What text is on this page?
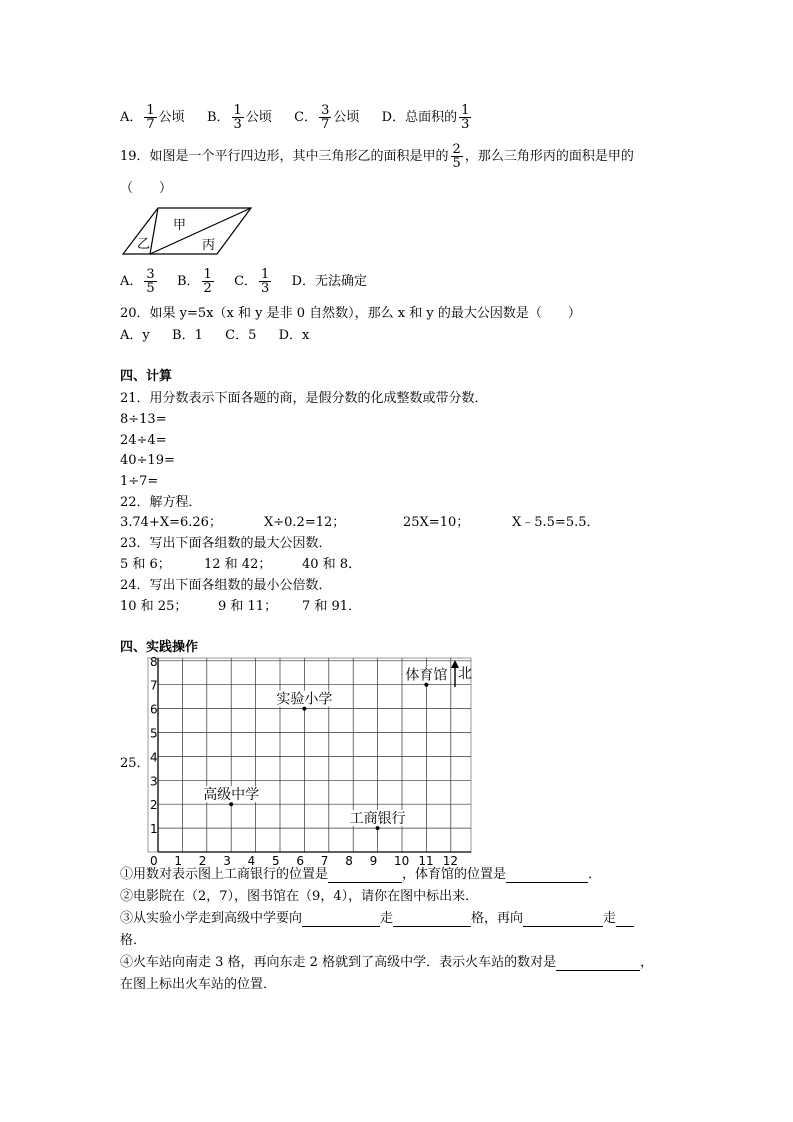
A． $\frac{1}{7}$ 公顷 B． $\frac{1}{3}$ 公顷 C． $\frac{3}{7}$ 公顷 D．总面积的 $\frac{1}{3}$
19．如图是一个平行四边形，其中三角形乙的面积是甲的 $\frac{2}{5}$ ，那么三角形丙的面积是甲的
（　　）
甲
乙	丙
A． $\frac{3}{5}$ B． $\frac{1}{2}$ C． $\frac{1}{3}$ D．无法确定
20．如果 y=5x（x 和 y 是非 0 自然数），那么 x 和 y 的最大公因数是（　　）
A．y B．1 C．5 D．x
四、计算
21．用分数表示下面各题的商，是假分数的化成整数或带分数．
8÷13=
24÷4=
40÷19=
1÷7=
22．解方程．
3.74+X=6.26；	X÷0.2=12；	25X=10；	X﹣5.5=5.5．
23．写出下面各组数的最大公因数．
5 和 6；	12 和 42； 40 和 8．
24．写出下面各组数的最小公倍数．
10 和 25； 9 和 11； 7 和 91．
四、实践操作
25．
0 1 2 3 4 5 6 7 8 9 10 11 12
1
2
3
4
5
6
7
8
实验小学
体育馆
高级中学
工商银行
北
①用数对表示图上工商银行的位置是	，体育馆的位置是	．
②电影院在（2，7），图书馆在（9，4），请你在图中标出来．
③从实验小学走到高级中学要向	走	格，再向	走
格．
④火车站向南走 3 格，再向东走 2 格就到了高级中学．表示火车站的数对是	，
在图上标出火车站的位置．
